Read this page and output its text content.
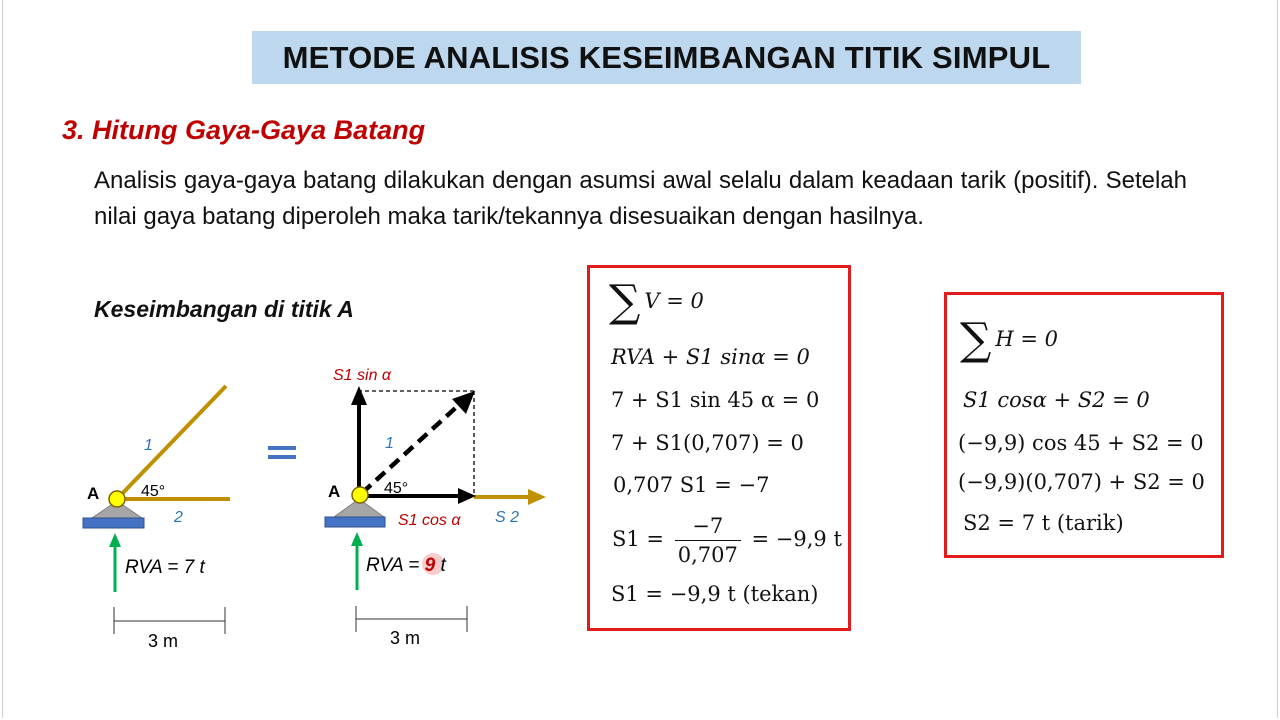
METODE ANALISIS KESEIMBANGAN TITIK SIMPUL
3. Hitung Gaya-Gaya Batang
Analisis gaya-gaya batang dilakukan dengan asumsi awal selalu dalam keadaan tarik (positif). Setelah nilai gaya batang diperoleh maka tarik/tekannya disesuaikan dengan hasilnya.
Keseimbangan di titik A
A	45°
1
2
RVA = 7 t
3 m
A	45°
1
S1 sin α
S1 cos α S 2
RVA = 9 t
3 m
∑ V = 0
RVA + S1 sinα = 0
7 + S1 sin 45 α = 0
7 + S1(0,707) = 0
0,707 S1 = −7
$S1 = \frac{-7}{0,707} = -9,9$ t
S1 = −9,9 t (tekan)
∑ H = 0
S1 cosα + S2 = 0
(−9,9) cos 45 + S2 = 0
(−9,9)(0,707) + S2 = 0
S2 = 7 t (tarik)
